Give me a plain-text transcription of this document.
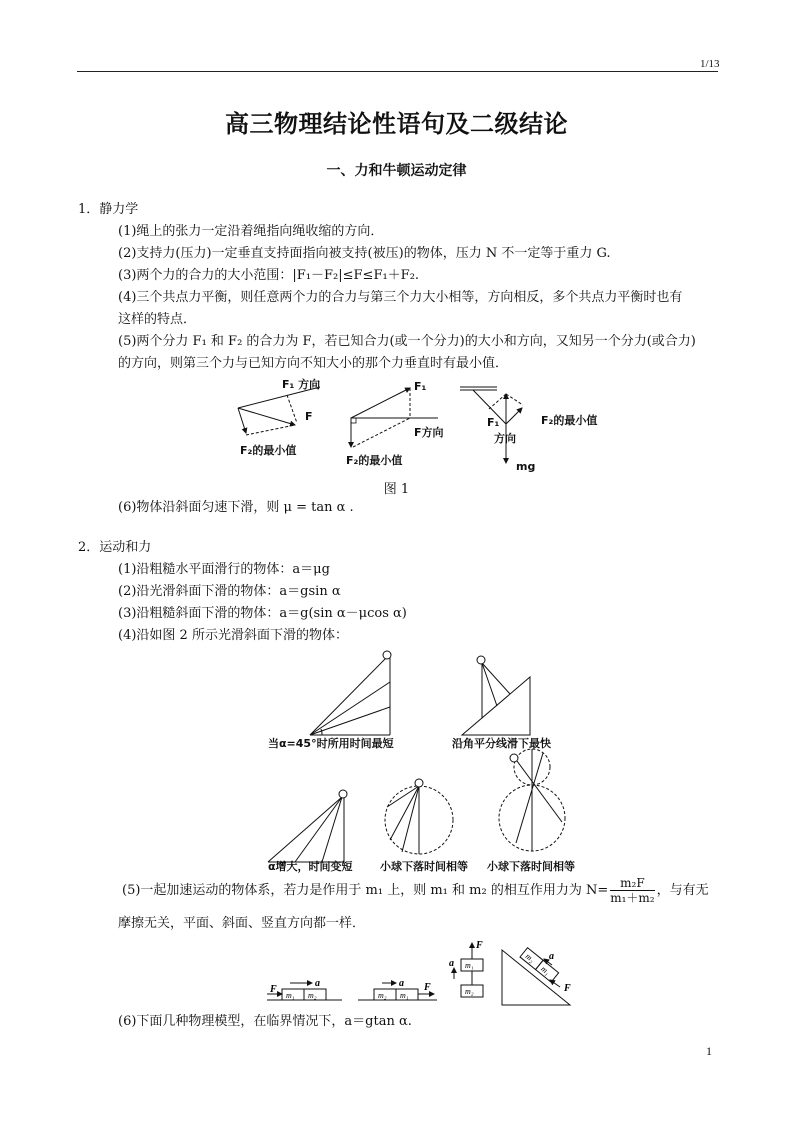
1/13
高三物理结论性语句及二级结论
一、力和牛顿运动定律
1．静力学
(1)绳上的张力一定沿着绳指向绳收缩的方向．
(2)支持力(压力)一定垂直支持面指向被支持(被压)的物体，压力 N 不一定等于重力 G.
(3)两个力的合力的大小范围：|F₁－F₂|≤F≤F₁＋F₂.
(4)三个共点力平衡，则任意两个力的合力与第三个力大小相等，方向相反，多个共点力平衡时也有
这样的特点．
(5)两个分力 F₁ 和 F₂ 的合力为 F，若已知合力(或一个分力)的大小和方向，又知另一个分力(或合力)
的方向，则第三个力与已知方向不知大小的那个力垂直时有最小值．
F₁ 方向
F
F₂的最小值
F₁
F方向
F₂的最小值
F₁
方向
F₂的最小值
mg
图 1
(6)物体沿斜面匀速下滑，则 μ = tan α .
2．运动和力
(1)沿粗糙水平面滑行的物体：a＝μg
(2)沿光滑斜面下滑的物体：a＝gsin α
(3)沿粗糙斜面下滑的物体：a＝g(sin α－μcos α)
(4)沿如图 2 所示光滑斜面下滑的物体：
当α=45°时所用时间最短	沿角平分线滑下最快
α增大，时间变短 小球下落时间相等 小球下落时间相等
(5)一起加速运动的物体系，若力是作用于 m₁ 上，则 m₁ 和 m₂ 的相互作用力为 $N= \frac{\text{m₂F}}{\text{m₁＋m₂}}$ ，与有无
摩擦无关，平面、斜面、竖直方向都一样．
F
a
m₁ m₂
F
a
m₂ m₁
F
a m₁
m₂
m₂
m₁
F
a
(6)下面几种物理模型，在临界情况下，a＝gtan α.
1
